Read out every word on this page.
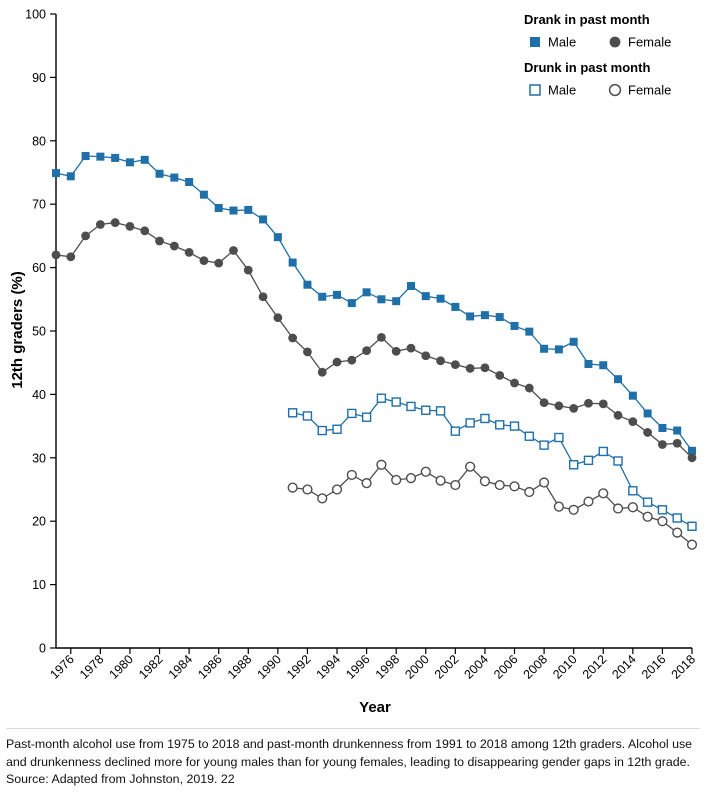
0
10
20
30
40
50
60
70
80
90
100
1976 1978 1980 1982 1984 1986 1988 1990 1992 1994 1996 1998 2000 2002 2004 2006 2008 2010 2012 2014 2016 2018
Drank in past month
Male	Female
Drunk in past month
Male	Female
12th graders (%)
Year
Past-month alcohol use from 1975 to 2018 and past-month drunkenness from 1991 to 2018 among 12th graders. Alcohol use and drunkenness declined more for young males than for young females, leading to disappearing gender gaps in 12th grade. Source: Adapted from Johnston, 2019. 22
